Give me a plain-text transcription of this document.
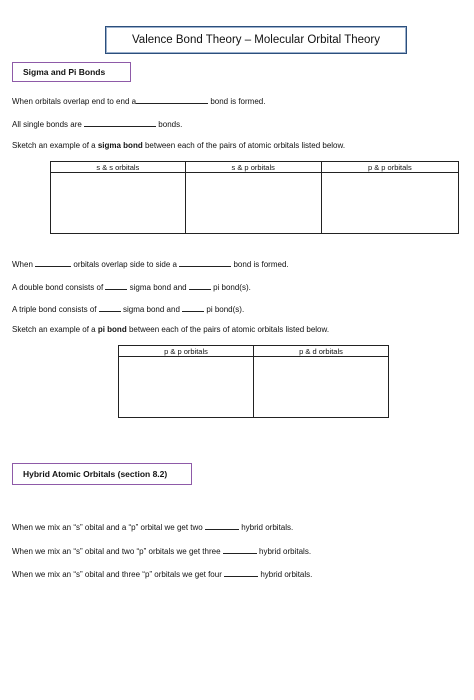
Valence Bond Theory – Molecular Orbital Theory
Sigma and Pi Bonds
When orbitals overlap end to end a	bond is formed.
All single bonds are	bonds.
Sketch an example of a sigma bond between each of the pairs of atomic orbitals listed below.
s & s orbitals	s & p orbitals	p & p orbitals

When	orbitals overlap side to side a	bond is formed.
A double bond consists of	sigma bond and	pi bond(s).
A triple bond consists of	sigma bond and	pi bond(s).
Sketch an example of a pi bond between each of the pairs of atomic orbitals listed below.
p & p orbitals	p & d orbitals

Hybrid Atomic Orbitals (section 8.2)
When we mix an “s” obital and a “p” orbital we get two	hybrid orbitals.
When we mix an “s” obital and two “p” orbitals we get three	hybrid orbitals.
When we mix an “s” obital and three “p” orbitals we get four	hybrid orbitals.
